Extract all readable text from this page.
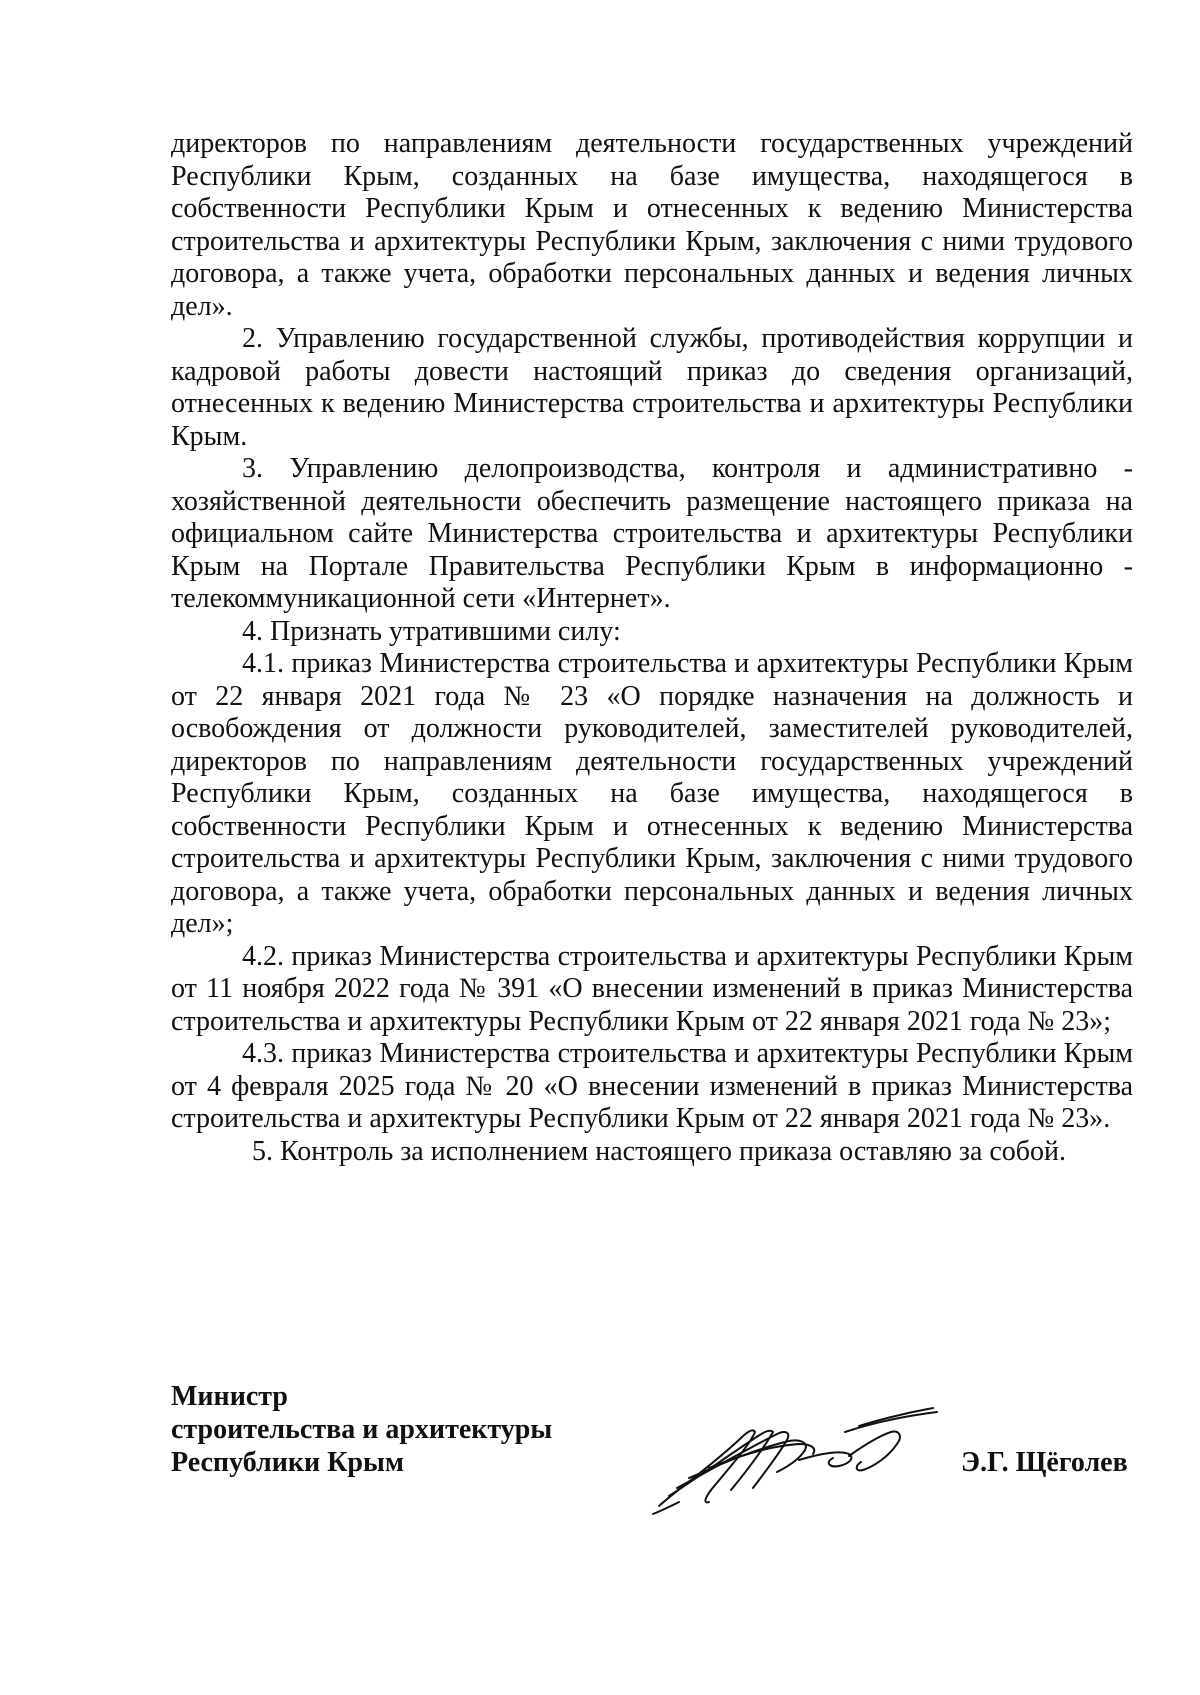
директоров по направлениям деятельности государственных учреждений Республики Крым, созданных на базе имущества, находящегося в собственности Республики Крым и отнесенных к ведению Министерства строительства и архитектуры Республики Крым, заключения с ними трудового договора, а также учета, обработки персональных данных и ведения личных дел».

2. Управлению государственной службы, противодействия коррупции и кадровой работы довести настоящий приказ до сведения организаций, отнесенных к ведению Министерства строительства и архитектуры Республики Крым.

3. Управлению делопроизводства, контроля и административно - хозяйственной деятельности обеспечить размещение настоящего приказа на официальном сайте Министерства строительства и архитектуры Республики Крым на Портале Правительства Республики Крым в информационно - телекоммуникационной сети «Интернет».

4. Признать утратившими силу:

4.1. приказ Министерства строительства и архитектуры Республики Крым от 22 января 2021 года № 23 «О порядке назначения на должность и освобождения от должности руководителей, заместителей руководителей, директоров по направлениям деятельности государственных учреждений Республики Крым, созданных на базе имущества, находящегося в собственности Республики Крым и отнесенных к ведению Министерства строительства и архитектуры Республики Крым, заключения с ними трудового договора, а также учета, обработки персональных данных и ведения личных дел»;

4.2. приказ Министерства строительства и архитектуры Республики Крым от 11 ноября 2022 года № 391 «О внесении изменений в приказ Министерства строительства и архитектуры Республики Крым от 22 января 2021 года № 23»;

4.3. приказ Министерства строительства и архитектуры Республики Крым от 4 февраля 2025 года № 20 «О внесении изменений в приказ Министерства строительства и архитектуры Республики Крым от 22 января 2021 года № 23».

5. Контроль за исполнением настоящего приказа оставляю за собой.

Министр
строительства и архитектуры
Республики Крым	Э.Г. Щёголев
